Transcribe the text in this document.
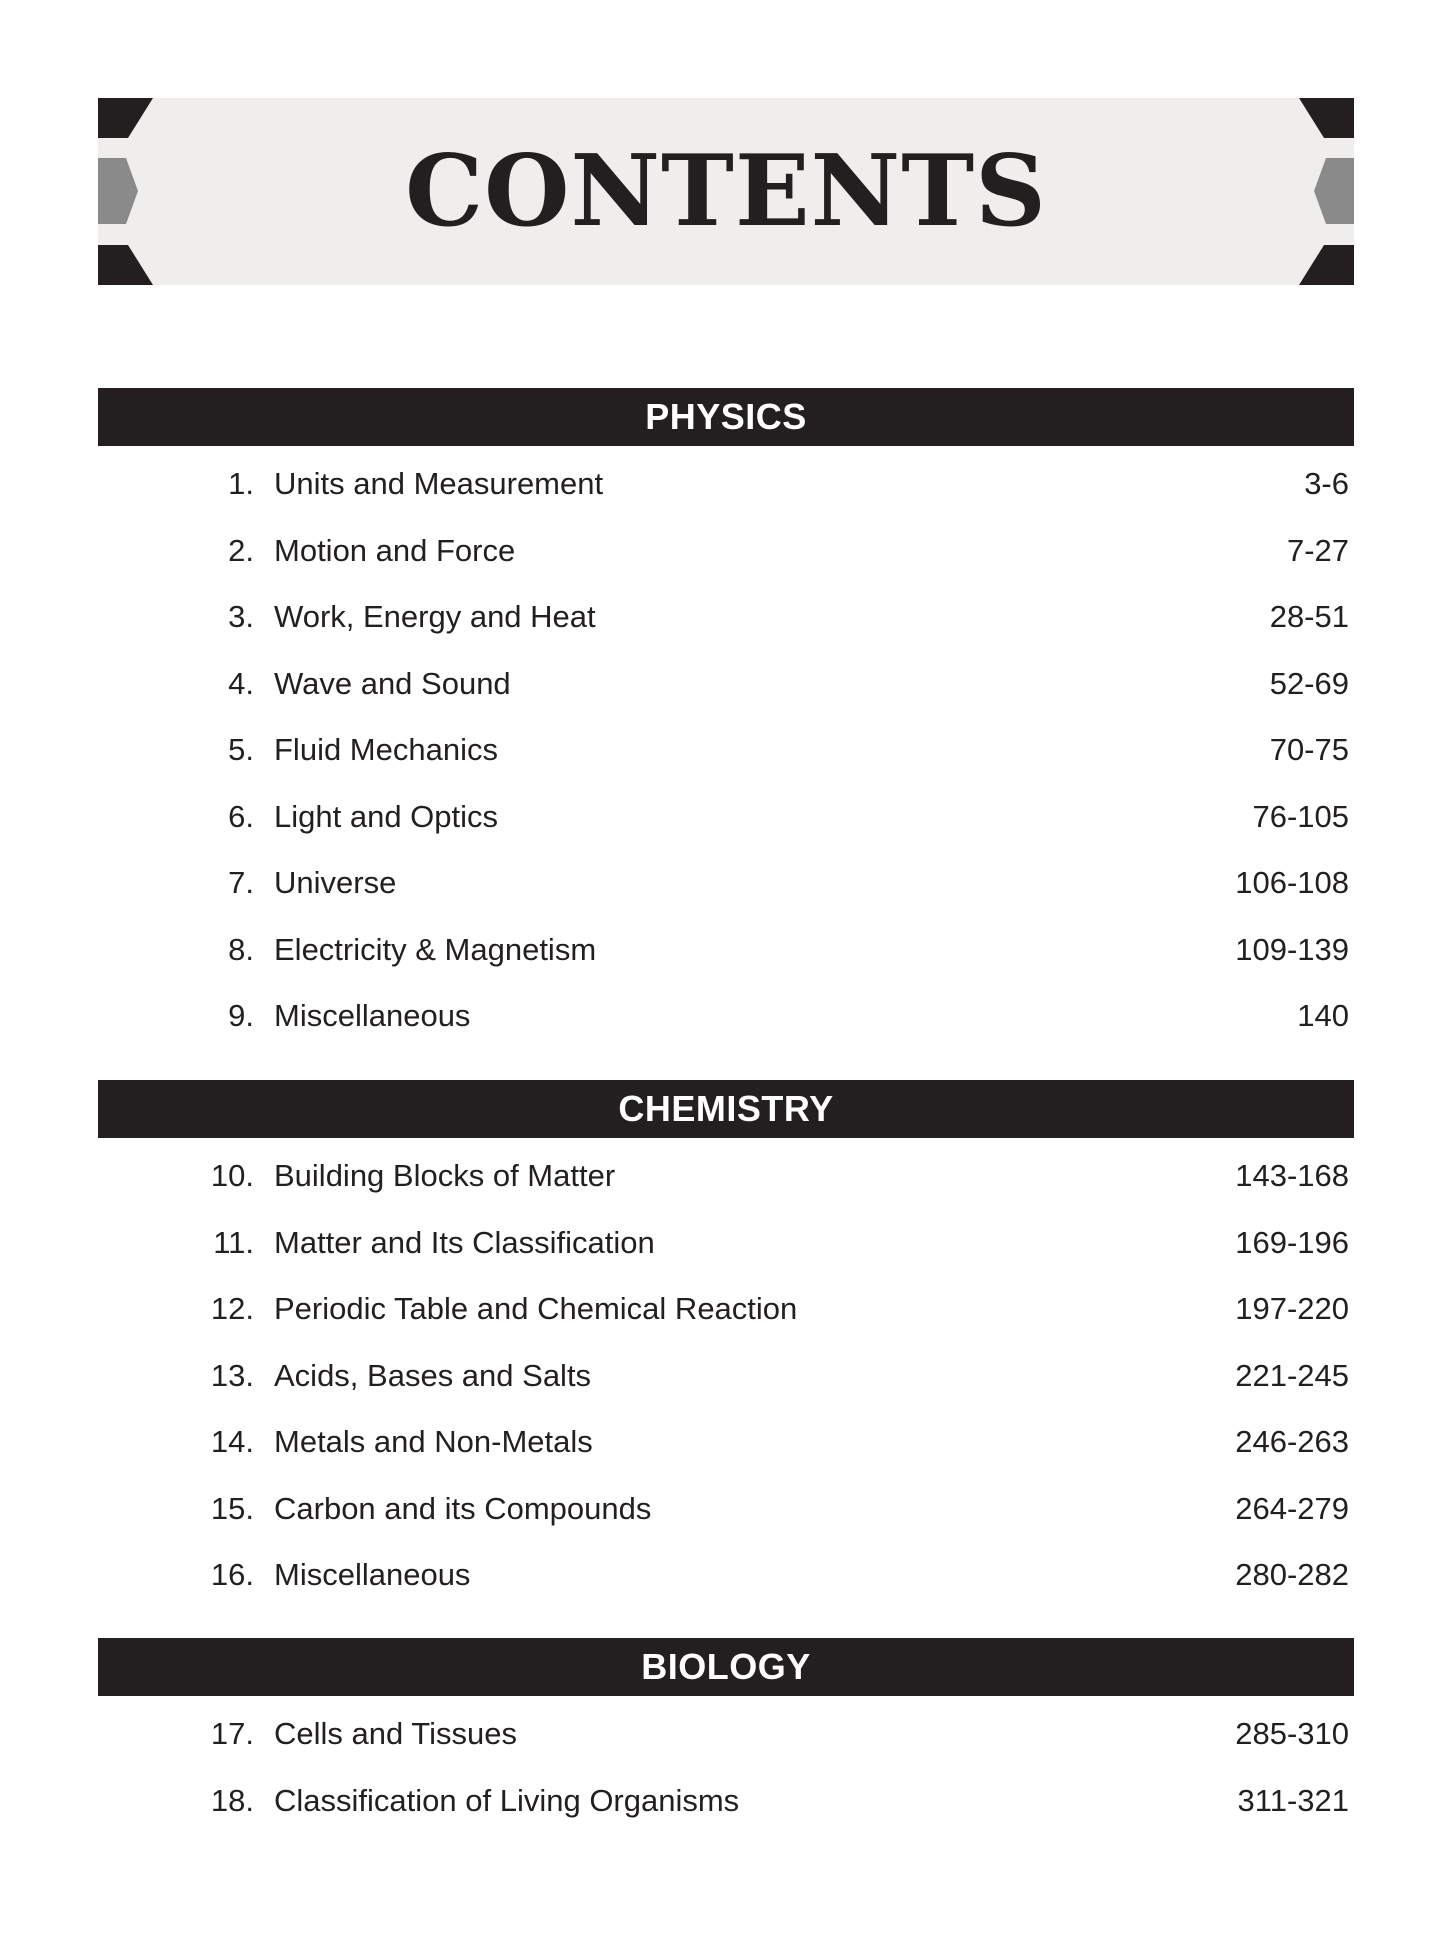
CONTENTS
PHYSICS
1. Units and Measurement	3-6
2. Motion and Force	7-27
3. Work, Energy and Heat	28-51
4. Wave and Sound	52-69
5. Fluid Mechanics	70-75
6. Light and Optics	76-105
7. Universe	106-108
8. Electricity & Magnetism	109-139
9. Miscellaneous	140
CHEMISTRY
10. Building Blocks of Matter	143-168
11. Matter and Its Classification	169-196
12. Periodic Table and Chemical Reaction	197-220
13. Acids, Bases and Salts	221-245
14. Metals and Non-Metals	246-263
15. Carbon and its Compounds	264-279
16. Miscellaneous	280-282
BIOLOGY
17. Cells and Tissues	285-310
18. Classification of Living Organisms	311-321
